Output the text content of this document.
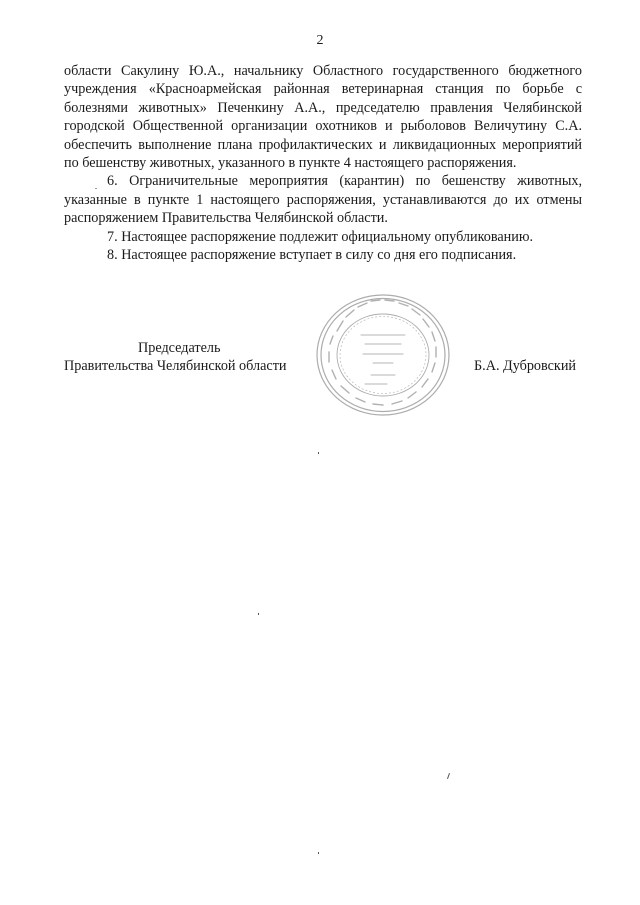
2

области Сакулину Ю.А., начальнику Областного государственного бюджетного учреждения «Красноармейская районная ветеринарная станция по борьбе с болезнями животных» Печенкину А.А., председателю правления Челябинской городской Общественной организации охотников и рыболовов Величутину С.А. обеспечить выполнение плана профилактических и ликвидационных мероприятий по бешенству животных, указанного в пункте 4 настоящего распоряжения.

6. Ограничительные мероприятия (карантин) по бешенству животных, указанные в пункте 1 настоящего распоряжения, устанавливаются до их отмены распоряжением Правительства Челябинской области.

7. Настоящее распоряжение подлежит официальному опубликованию.

8. Настоящее распоряжение вступает в силу со дня его подписания.

Председатель
Правительства Челябинской области	Б.А. Дубровский
